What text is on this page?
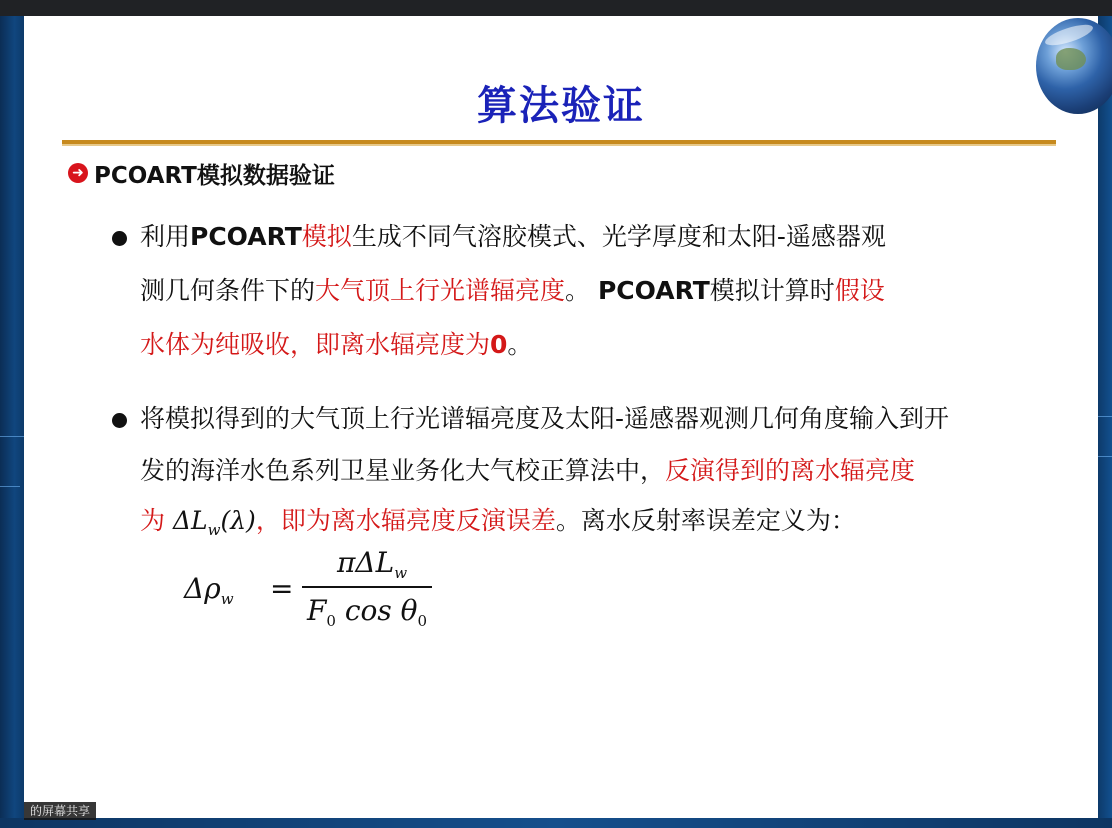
算法验证
➜ PCOART模拟数据验证
利用PCOART模拟生成不同气溶胶模式、光学厚度和太阳-遥感器观
测几何条件下的大气顶上行光谱辐亮度。 PCOART模拟计算时假设
水体为纯吸收，即离水辐亮度为0。
将模拟得到的大气顶上行光谱辐亮度及太阳-遥感器观测几何角度输入到开
发的海洋水色系列卫星业务化大气校正算法中，反演得到的离水辐亮度
为 $\Delta L_w(\lambda)$，即为离水辐亮度反演误差。离水反射率误差定义为：
$\Delta\rho_w$ =
πΔL$_w$
$F_0$ $\cos \theta_0$
的屏幕共享
